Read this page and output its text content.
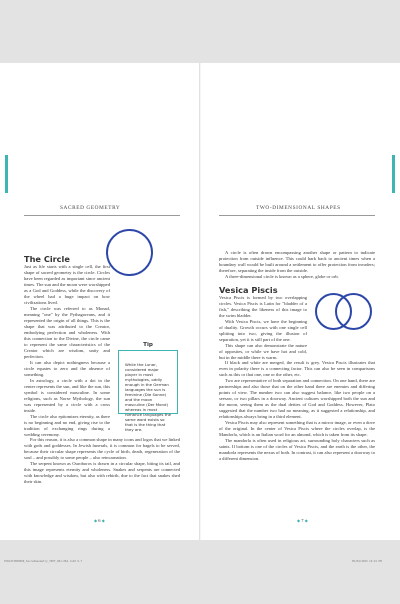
SACRED GEOMETRY
The Circle

Just as life starts with a single cell, the first shape of sacred geometry is the circle. Circles have been regarded as important since ancient times. The sun and the moon were worshipped as a God and Goddess, while the discovery of the wheel had a huge impact on how civilizations lived.

The circle was referred to as Monad, meaning "one" by the Pythagoreans, and it represented the origin of all things. This is the shape that was attributed to the Creator, embodying perfection and wholeness. With this connection to the Divine, the circle came to represent the same characteristics of the Creator which are wisdom, unity and perfection.

It can also depict nothingness because a circle equates to zero and the absence of something.

In astrology, a circle with a dot in the center represents the sun, and like the sun, this symbol is considered masculine. In some religions, such as Norse Mythology, the sun was represented by a circle with a cross inside.

The circle also epitomizes eternity, as there is no beginning and no end, giving rise to the tradition of exchanging rings during a wedding ceremony.

Tip
While the Lunar, considered major player in most mythologies, oddly enough in the German languages the sun is feminine (Die Sonne) and the moon masculine (Der Mond) whereas in most romance languages the same word exists so that is the thing that they are.

For this reason, it is also a common shape in many icons and logos that we linked with gods and goddesses. In Jewish funerals, it is common for bagels to be served, because their circular shape represents the cycle of birth, death, regeneration of the soul – and possibly to some people – also reincarnation.

The serpent known as Ouroboros is drawn in a circular shape, biting its tail, and this image represents eternity and wholeness. Snakes and serpents are connected with knowledge and wisdom, but also with rebirth, due to the fact that snakes shed their skin.

◆ 6 ◆
TWO-DIMENSIONAL SHAPES

A circle is often drawn encompassing another shape or pattern to indicate protection from outside influence. This could hark back to ancient times when a boundary wall would be built around a settlement to offer protection from invaders; therefore, separating the inside from the outside.

A three-dimensional circle is known as a sphere, globe or orb.

Vesica Piscis

Vesica Piscis is formed by two overlapping circles. Vesica Piscis is Latin for "bladder of a fish," describing the likeness of this image to the swim bladder.

With Vesica Piscis, we have the beginning of duality. Growth occurs with one single cell splitting into two, giving the illusion of separation, yet it is still part of the one.

This shape can also demonstrate the nature of opposites, or while we have hot and cold, but in the middle there is warm.

If black and white are merged, the result is grey. Vesica Piscis illustrates that even in polarity there is a connecting factor. This can also be seen in comparisons such as this or that one, one or the other, etc.

Two are representative of both separation and connection. On one hand, there are partnerships and also those that on the other hand there are enemies and differing points of view. The number two can also suggest balance, like two people on a seesaw, or two pillars in a doorway. Ancient cultures worshipped both the sun and the moon, seeing them as the dual deities of God and Goddess. However, Plato suggested that the number two had no meaning, as it suggested a relationship, and relationships always bring in a third element.

Vesica Piscis may also represent something that is a mirror image, or even a dove of the original. In the center of Vesica Piscis where the circles overlap, is the Mandorla, which is an Italian word for an almond, which is taken from its shape.

The mandorla is often used in religious art, surrounding holy characters such as saints. If bottom is one of the circles of Vesica Piscis, and the earth is the other, the mandorla represents the nexus of both. In contrast, it can also represent a doorway to a different dimension.

◆ 7 ◆
9781473000000_SacredGeometry_TEXT_001-064.indd 6-7	05/04/2023 12:21 PM
